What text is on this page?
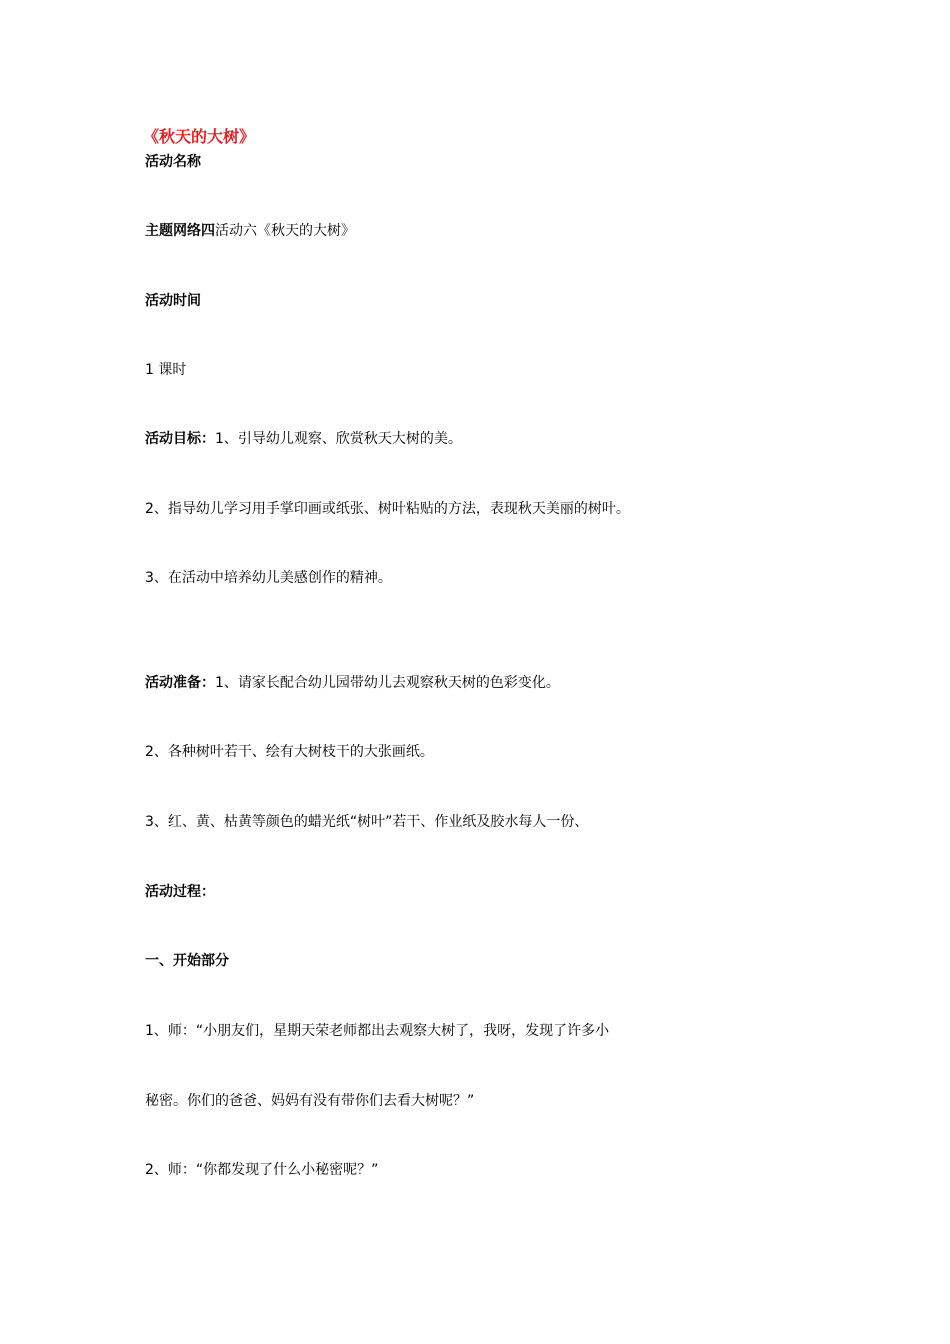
《秋天的大树》
活动名称
主题网络四活动六《秋天的大树》
活动时间
1 课时
活动目标：1、引导幼儿观察、欣赏秋天大树的美。
2、指导幼儿学习用手掌印画或纸张、树叶粘贴的方法，表现秋天美丽的树叶。
3、在活动中培养幼儿美感创作的精神。
活动准备：1、请家长配合幼儿园带幼儿去观察秋天树的色彩变化。
2、各种树叶若干、绘有大树枝干的大张画纸。
3、红、黄、枯黄等颜色的蜡光纸“树叶”若干、作业纸及胶水每人一份、
活动过程：
一、开始部分
1、师：“小朋友们，星期天荣老师都出去观察大树了，我呀，发现了许多小
秘密。你们的爸爸、妈妈有没有带你们去看大树呢？”
2、师：“你都发现了什么小秘密呢？”
